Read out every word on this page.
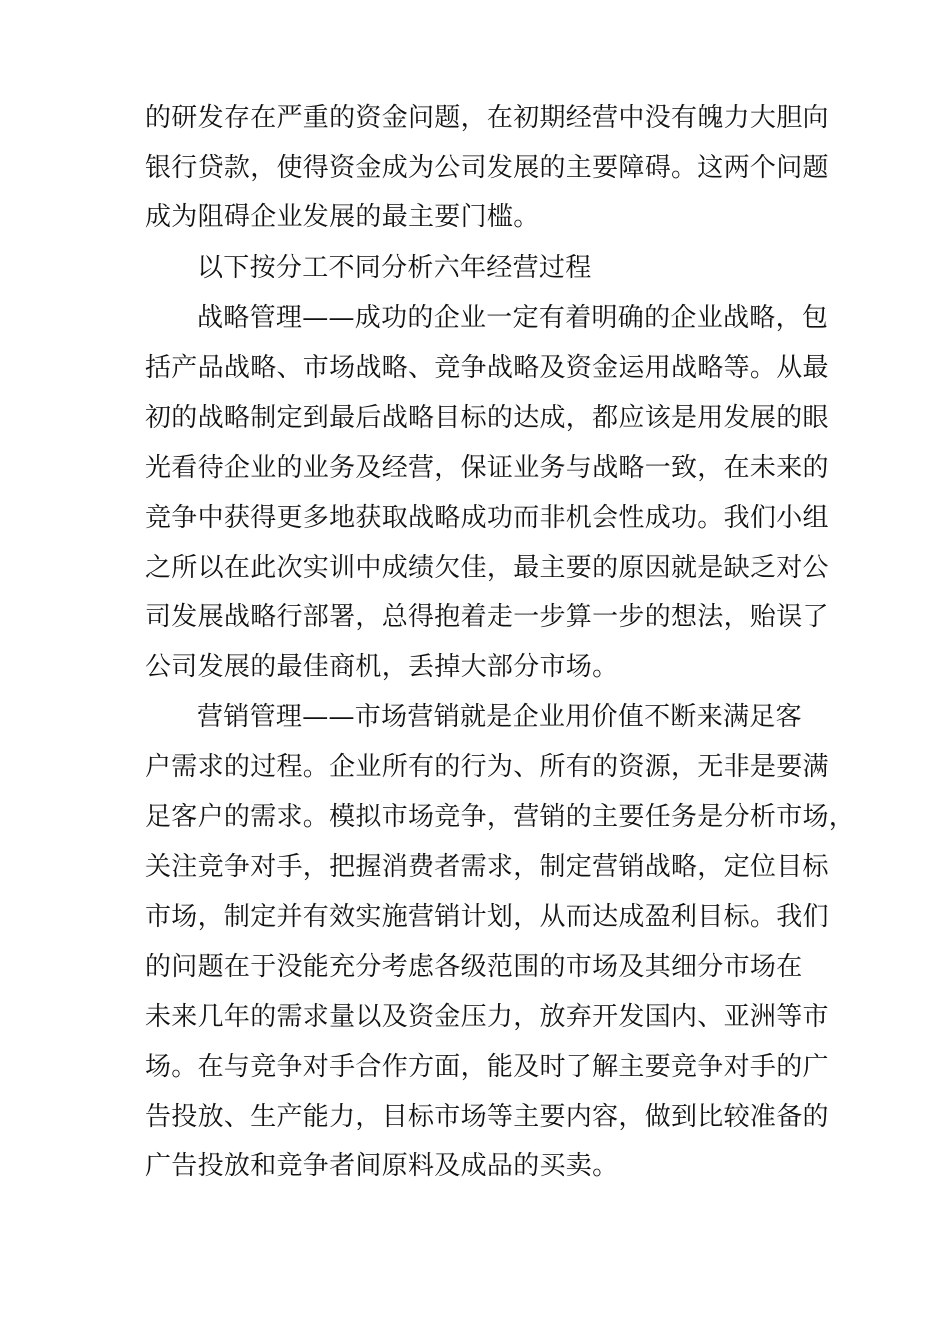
的研发存在严重的资金问题，在初期经营中没有魄力大胆向
银行贷款，使得资金成为公司发展的主要障碍。这两个问题
成为阻碍企业发展的最主要门槛。
以下按分工不同分析六年经营过程
战略管理——成功的企业一定有着明确的企业战略，包
括产品战略、市场战略、竞争战略及资金运用战略等。从最
初的战略制定到最后战略目标的达成，都应该是用发展的眼
光看待企业的业务及经营，保证业务与战略一致，在未来的
竞争中获得更多地获取战略成功而非机会性成功。我们小组
之所以在此次实训中成绩欠佳，最主要的原因就是缺乏对公
司发展战略行部署，总得抱着走一步算一步的想法，贻误了
公司发展的最佳商机，丢掉大部分市场。
营销管理——市场营销就是企业用价值不断来满足客
户需求的过程。企业所有的行为、所有的资源，无非是要满
足客户的需求。模拟市场竞争，营销的主要任务是分析市场，
关注竞争对手，把握消费者需求，制定营销战略，定位目标
市场，制定并有效实施营销计划，从而达成盈利目标。我们
的问题在于没能充分考虑各级范围的市场及其细分市场在
未来几年的需求量以及资金压力，放弃开发国内、亚洲等市
场。在与竞争对手合作方面，能及时了解主要竞争对手的广
告投放、生产能力，目标市场等主要内容，做到比较准备的
广告投放和竞争者间原料及成品的买卖。
